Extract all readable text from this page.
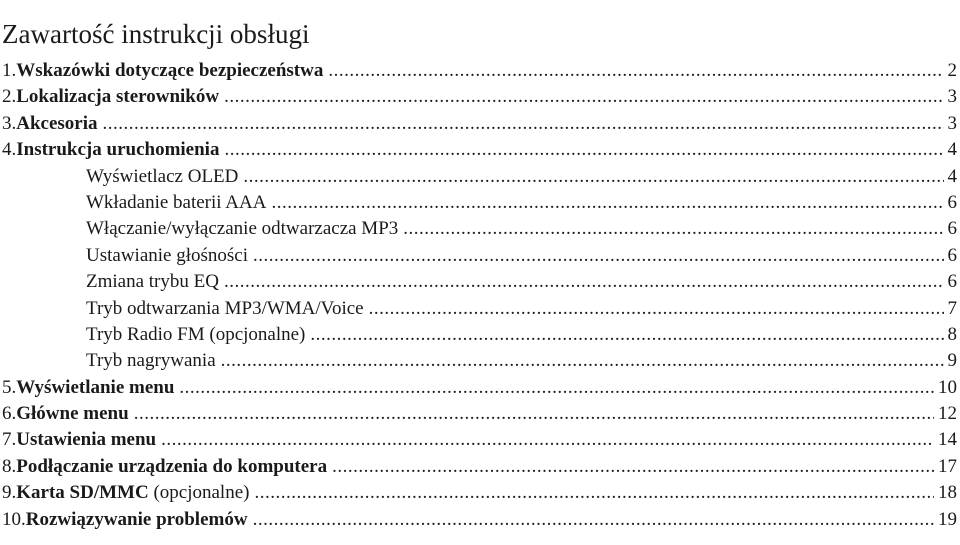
Zawartość instrukcji obsługi
1. Wskazówki dotyczące bezpieczeństwa .....	2
2. Lokalizacja sterowników .....	3
3. Akcesoria .....	3
4. Instrukcja uruchomienia .....	4
Wyświetlacz OLED .....	4
Wkładanie baterii AAA .....	6
Włączanie/wyłączanie odtwarzacza MP3 .....	6
Ustawianie głośności .....	6
Zmiana trybu EQ .....	6
Tryb odtwarzania MP3/WMA/Voice .....	7
Tryb Radio FM (opcjonalne) .....	8
Tryb nagrywania .....	9
5. Wyświetlanie menu .....	10
6. Główne menu .....	12
7. Ustawienia menu .....	14
8. Podłączanie urządzenia do komputera .....	17
9. Karta SD/MMC (opcjonalne) .....	18
10. Rozwiązywanie problemów .....	19
